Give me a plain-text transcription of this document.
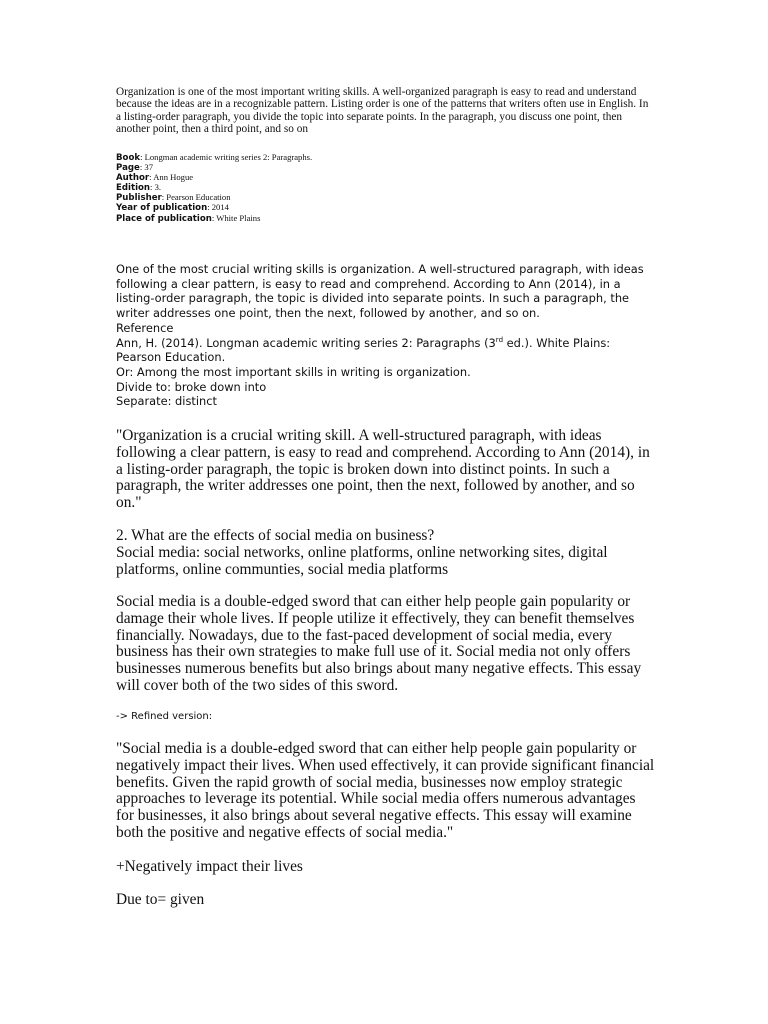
Organization is one of the most important writing skills. A well-organized paragraph is easy to read and understand because the ideas are in a recognizable pattern. Listing order is one of the patterns that writers often use in English. In a listing-order paragraph, you divide the topic into separate points. In the paragraph, you discuss one point, then another point, then a third point, and so on

Book: Longman academic writing series 2: Paragraphs.
Page: 37
Author: Ann Hogue
Edition: 3.
Publisher: Pearson Education
Year of publication: 2014
Place of publication: White Plains

One of the most crucial writing skills is organization. A well-structured paragraph, with ideas following a clear pattern, is easy to read and comprehend. According to Ann (2014), in a listing-order paragraph, the topic is divided into separate points. In such a paragraph, the writer addresses one point, then the next, followed by another, and so on.

Reference

Ann, H. (2014). Longman academic writing series 2: Paragraphs (3rd ed.). White Plains: Pearson Education.

Or: Among the most important skills in writing is organization.

Divide to: broke down into

Separate: distinct

"Organization is a crucial writing skill. A well-structured paragraph, with ideas following a clear pattern, is easy to read and comprehend. According to Ann (2014), in a listing-order paragraph, the topic is broken down into distinct points. In such a paragraph, the writer addresses one point, then the next, followed by another, and so on."

2. What are the effects of social media on business?

Social media: social networks, online platforms, online networking sites, digital platforms, online communties, social media platforms

Social media is a double-edged sword that can either help people gain popularity or damage their whole lives. If people utilize it effectively, they can benefit themselves financially. Nowadays, due to the fast-paced development of social media, every business has their own strategies to make full use of it. Social media not only offers businesses numerous benefits but also brings about many negative effects. This essay will cover both of the two sides of this sword.

-> Refined version:

"Social media is a double-edged sword that can either help people gain popularity or negatively impact their lives. When used effectively, it can provide significant financial benefits. Given the rapid growth of social media, businesses now employ strategic approaches to leverage its potential. While social media offers numerous advantages for businesses, it also brings about several negative effects. This essay will examine both the positive and negative effects of social media."

+Negatively impact their lives

Due to= given
